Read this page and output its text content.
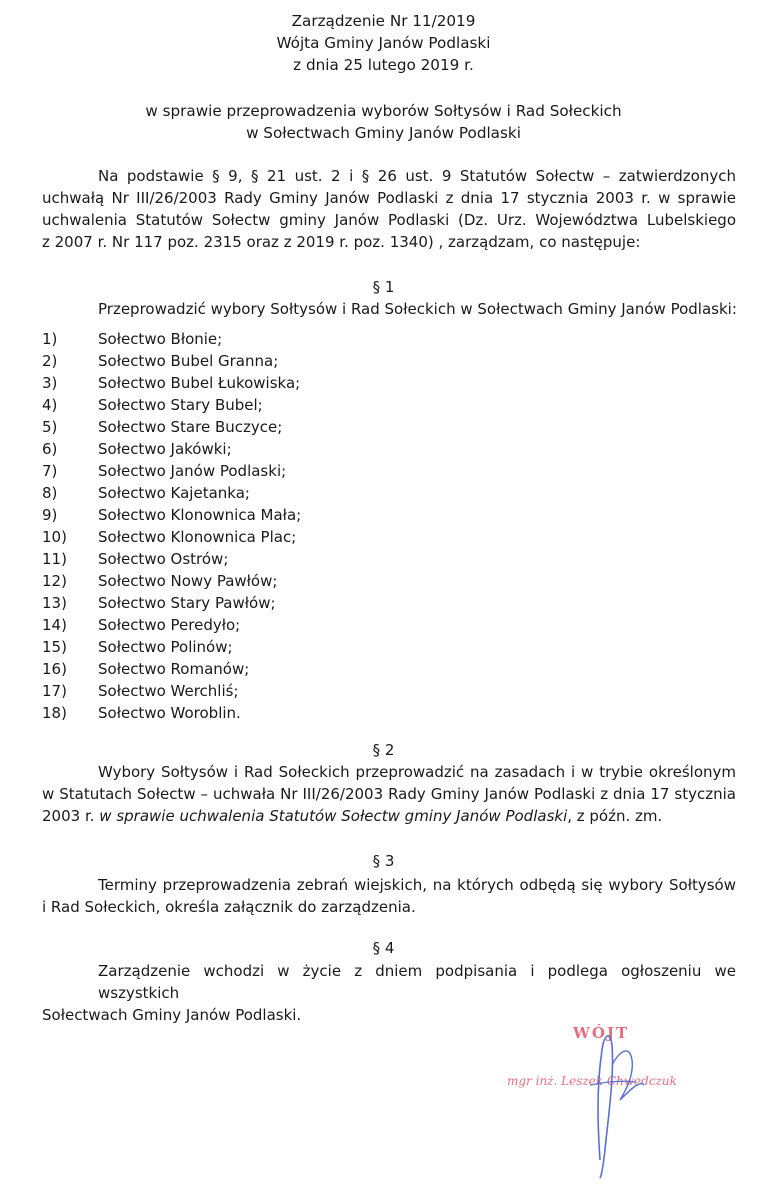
Zarządzenie Nr 11/2019
Wójta Gminy Janów Podlaski
z dnia 25 lutego 2019 r.
w sprawie przeprowadzenia wyborów Sołtysów i Rad Sołeckich
w Sołectwach Gminy Janów Podlaski
Na podstawie § 9, § 21 ust. 2 i § 26 ust. 9 Statutów Sołectw – zatwierdzonych
uchwałą Nr III/26/2003 Rady Gminy Janów Podlaski z dnia 17 stycznia 2003 r. w sprawie
uchwalenia Statutów Sołectw gminy Janów Podlaski (Dz. Urz. Województwa Lubelskiego
z 2007 r. Nr 117 poz. 2315 oraz z 2019 r. poz. 1340) , zarządzam, co następuje:
§ 1
Przeprowadzić wybory Sołtysów i Rad Sołeckich w Sołectwach Gminy Janów Podlaski:
1)	Sołectwo Błonie;
2)	Sołectwo Bubel Granna;
3)	Sołectwo Bubel Łukowiska;
4)	Sołectwo Stary Bubel;
5)	Sołectwo Stare Buczyce;
6)	Sołectwo Jakówki;
7)	Sołectwo Janów Podlaski;
8)	Sołectwo Kajetanka;
9)	Sołectwo Klonownica Mała;
10) Sołectwo Klonownica Plac;
11) Sołectwo Ostrów;
12) Sołectwo Nowy Pawłów;
13) Sołectwo Stary Pawłów;
14) Sołectwo Peredyło;
15) Sołectwo Polinów;
16) Sołectwo Romanów;
17) Sołectwo Werchliś;
18) Sołectwo Woroblin.
§ 2
Wybory Sołtysów i Rad Sołeckich przeprowadzić na zasadach i w trybie określonym
w Statutach Sołectw – uchwała Nr III/26/2003 Rady Gminy Janów Podlaski z dnia 17 stycznia
2003 r. w sprawie uchwalenia Statutów Sołectw gminy Janów Podlaski, z późn. zm.
§ 3
Terminy przeprowadzenia zebrań wiejskich, na których odbędą się wybory Sołtysów
i Rad Sołeckich, określa załącznik do zarządzenia.
§ 4
Zarządzenie wchodzi w życie z dniem podpisania i podlega ogłoszeniu we wszystkich
Sołectwach Gminy Janów Podlaski.
WÓJT
mgr inż. Leszek Chwedczuk
